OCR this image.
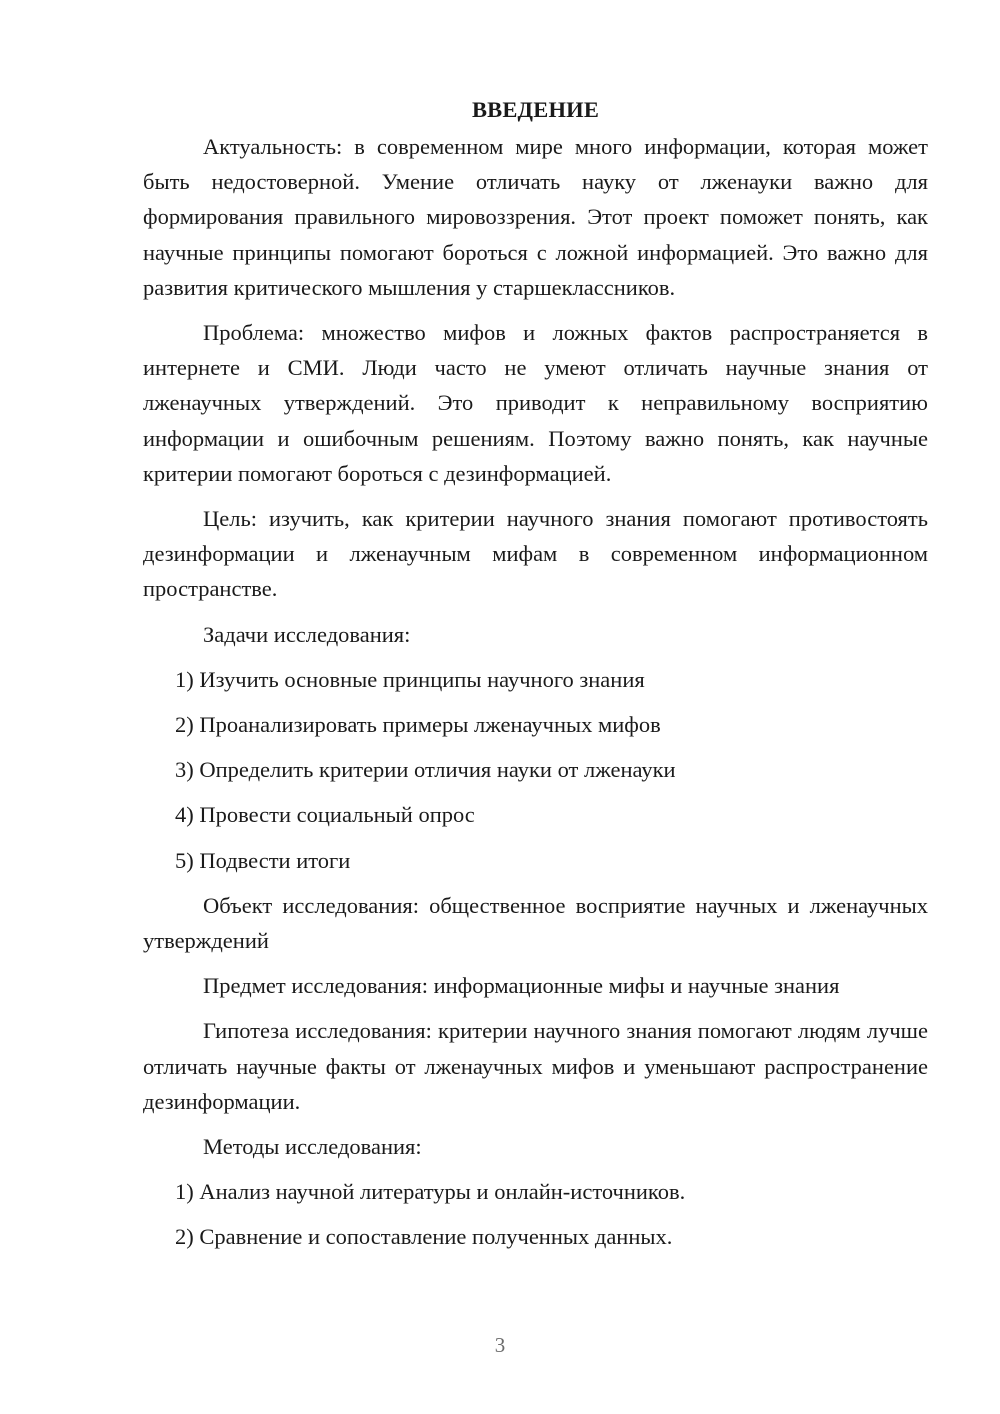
ВВЕДЕНИЕ

Актуальность: в современном мире много информации, которая может быть недостоверной. Умение отличать науку от лженауки важно для формирования правильного мировоззрения. Этот проект поможет понять, как научные принципы помогают бороться с ложной информацией. Это важно для развития критического мышления у старшеклассников.

Проблема: множество мифов и ложных фактов распространяется в интернете и СМИ. Люди часто не умеют отличать научные знания от лженаучных утверждений. Это приводит к неправильному восприятию информации и ошибочным решениям. Поэтому важно понять, как научные критерии помогают бороться с дезинформацией.

Цель: изучить, как критерии научного знания помогают противостоять дезинформации и лженаучным мифам в современном информационном пространстве.

Задачи исследования:

1) Изучить основные принципы научного знания

2) Проанализировать примеры лженаучных мифов

3) Определить критерии отличия науки от лженауки

4) Провести социальный опрос

5) Подвести итоги

Объект исследования: общественное восприятие научных и лженаучных утверждений

Предмет исследования: информационные мифы и научные знания

Гипотеза исследования: критерии научного знания помогают людям лучше отличать научные факты от лженаучных мифов и уменьшают распространение дезинформации.

Методы исследования:

1) Анализ научной литературы и онлайн-источников.

2) Сравнение и сопоставление полученных данных.

3
